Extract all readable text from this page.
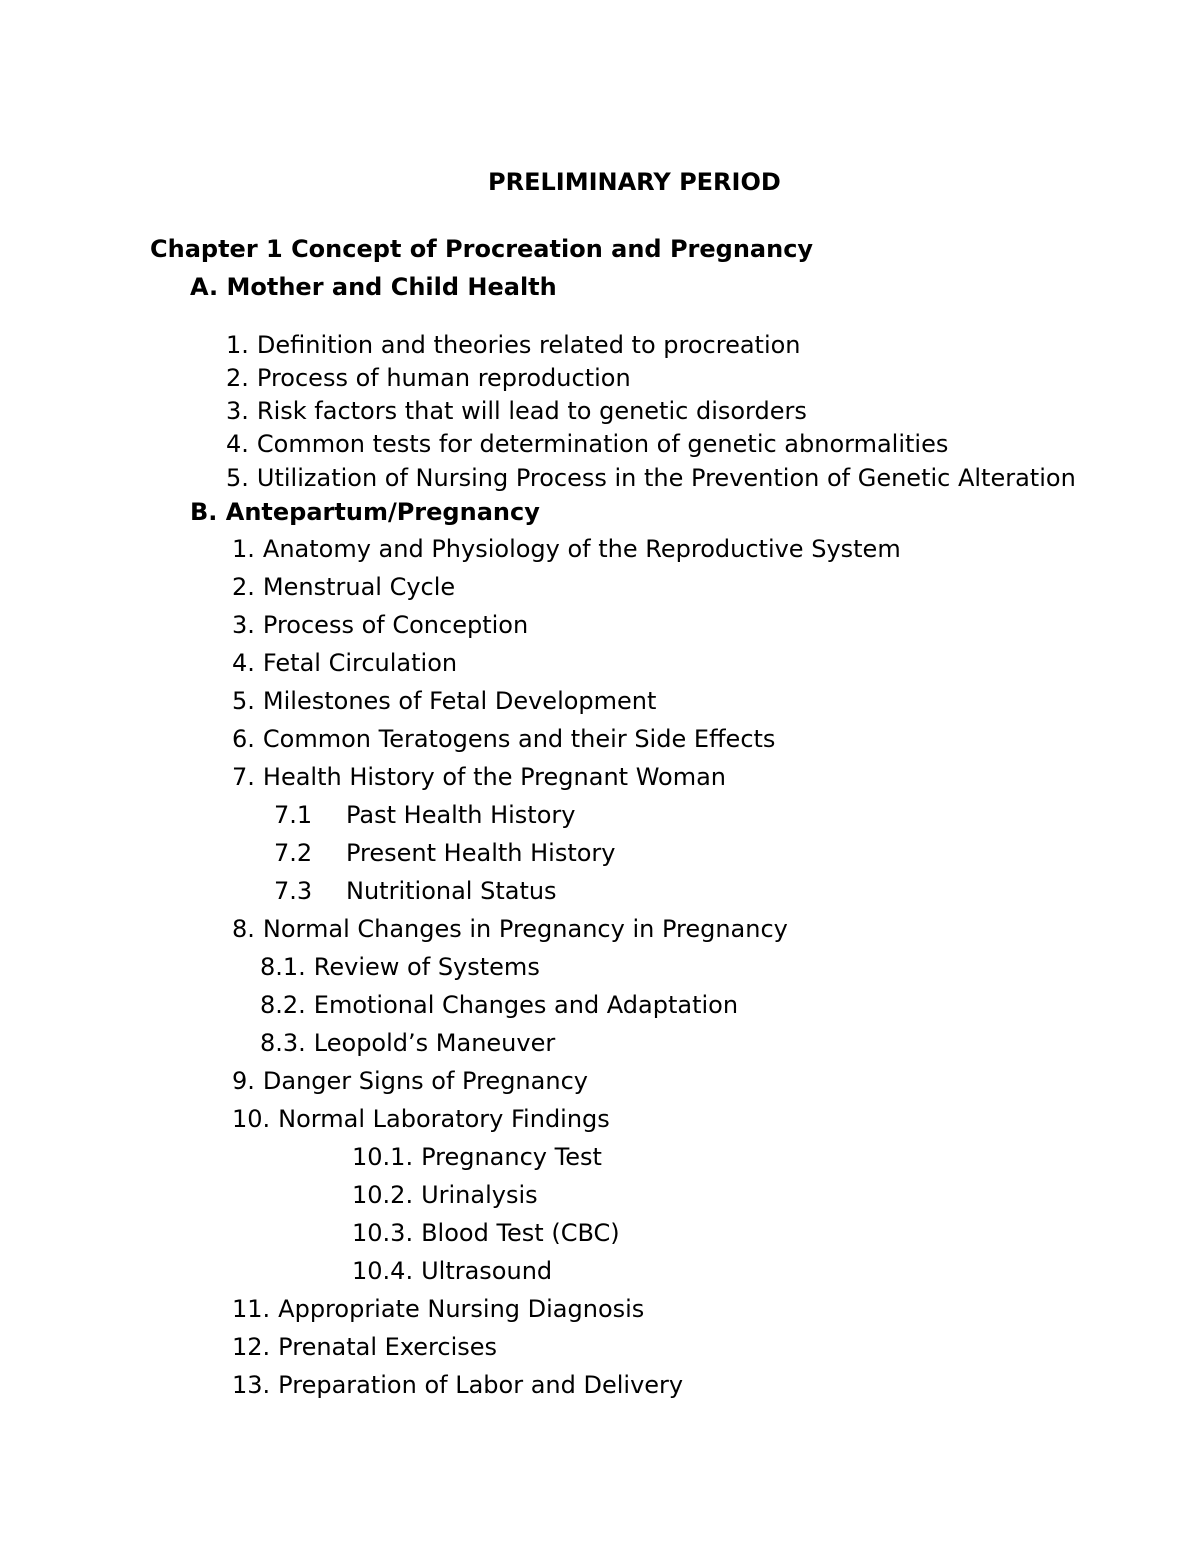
PRELIMINARY PERIOD
Chapter 1 Concept of Procreation and Pregnancy
A. Mother and Child Health
1. Definition and theories related to procreation
2. Process of human reproduction
3. Risk factors that will lead to genetic disorders
4. Common tests for determination of genetic abnormalities
5. Utilization of Nursing Process in the Prevention of Genetic Alteration
B. Antepartum/Pregnancy
1. Anatomy and Physiology of the Reproductive System
2. Menstrual Cycle
3. Process of Conception
4. Fetal Circulation
5. Milestones of Fetal Development
6. Common Teratogens and their Side Effects
7. Health History of the Pregnant Woman
7.1 Past Health History
7.2 Present Health History
7.3 Nutritional Status
8. Normal Changes in Pregnancy in Pregnancy
8.1. Review of Systems
8.2. Emotional Changes and Adaptation
8.3. Leopold’s Maneuver
9. Danger Signs of Pregnancy
10. Normal Laboratory Findings
10.1. Pregnancy Test
10.2. Urinalysis
10.3. Blood Test (CBC)
10.4. Ultrasound
11. Appropriate Nursing Diagnosis
12. Prenatal Exercises
13. Preparation of Labor and Delivery
